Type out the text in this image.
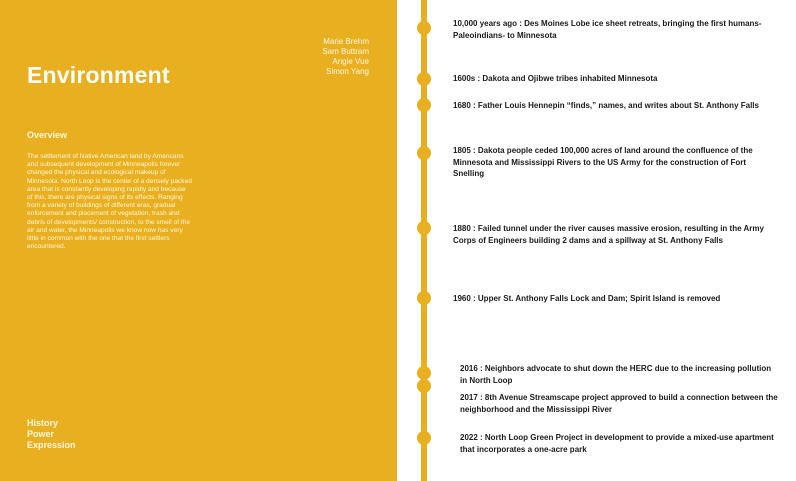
Marie Brehm
Sam Buttram
Angie Vue
Simon Yang
Environment
Overview

The settlement of Native American land by Americans and subsequent development of Minneapolis forever changed the physical and ecological makeup of Minnesota. North Loop is the center of a densely packed area that is constantly developing rapidly and because of this, there are physical signs of its effects. Ranging from a variety of buildings of different eras, gradual enforcement and placement of vegetation, trash and debris of developments/ construction, to the smell of the air and water, the Minneapolis we know now has very little in common with the one that the first settlers encountered.

History
Power
Expression

10,000 years ago : Des Moines Lobe ice sheet retreats, bringing the first humans- Paleoindians- to Minnesota

1600s : Dakota and Ojibwe tribes inhabited Minnesota

1680 : Father Louis Hennepin “finds,” names, and writes about St. Anthony Falls

1805 : Dakota people ceded 100,000 acres of land around the confluence of the Minnesota and Mississippi Rivers to the US Army for the construction of Fort Snelling

1880 : Failed tunnel under the river causes massive erosion, resulting in the Army Corps of Engineers building 2 dams and a spillway at St. Anthony Falls

1960 : Upper St. Anthony Falls Lock and Dam; Spirit Island is removed

2016 : Neighbors advocate to shut down the HERC due to the increasing pollution in North Loop

2017 : 8th Avenue Streamscape project approved to build a connection between the neighborhood and the Mississippi River

2022 : North Loop Green Project in development to provide a mixed-use apartment that incorporates a one-acre park
